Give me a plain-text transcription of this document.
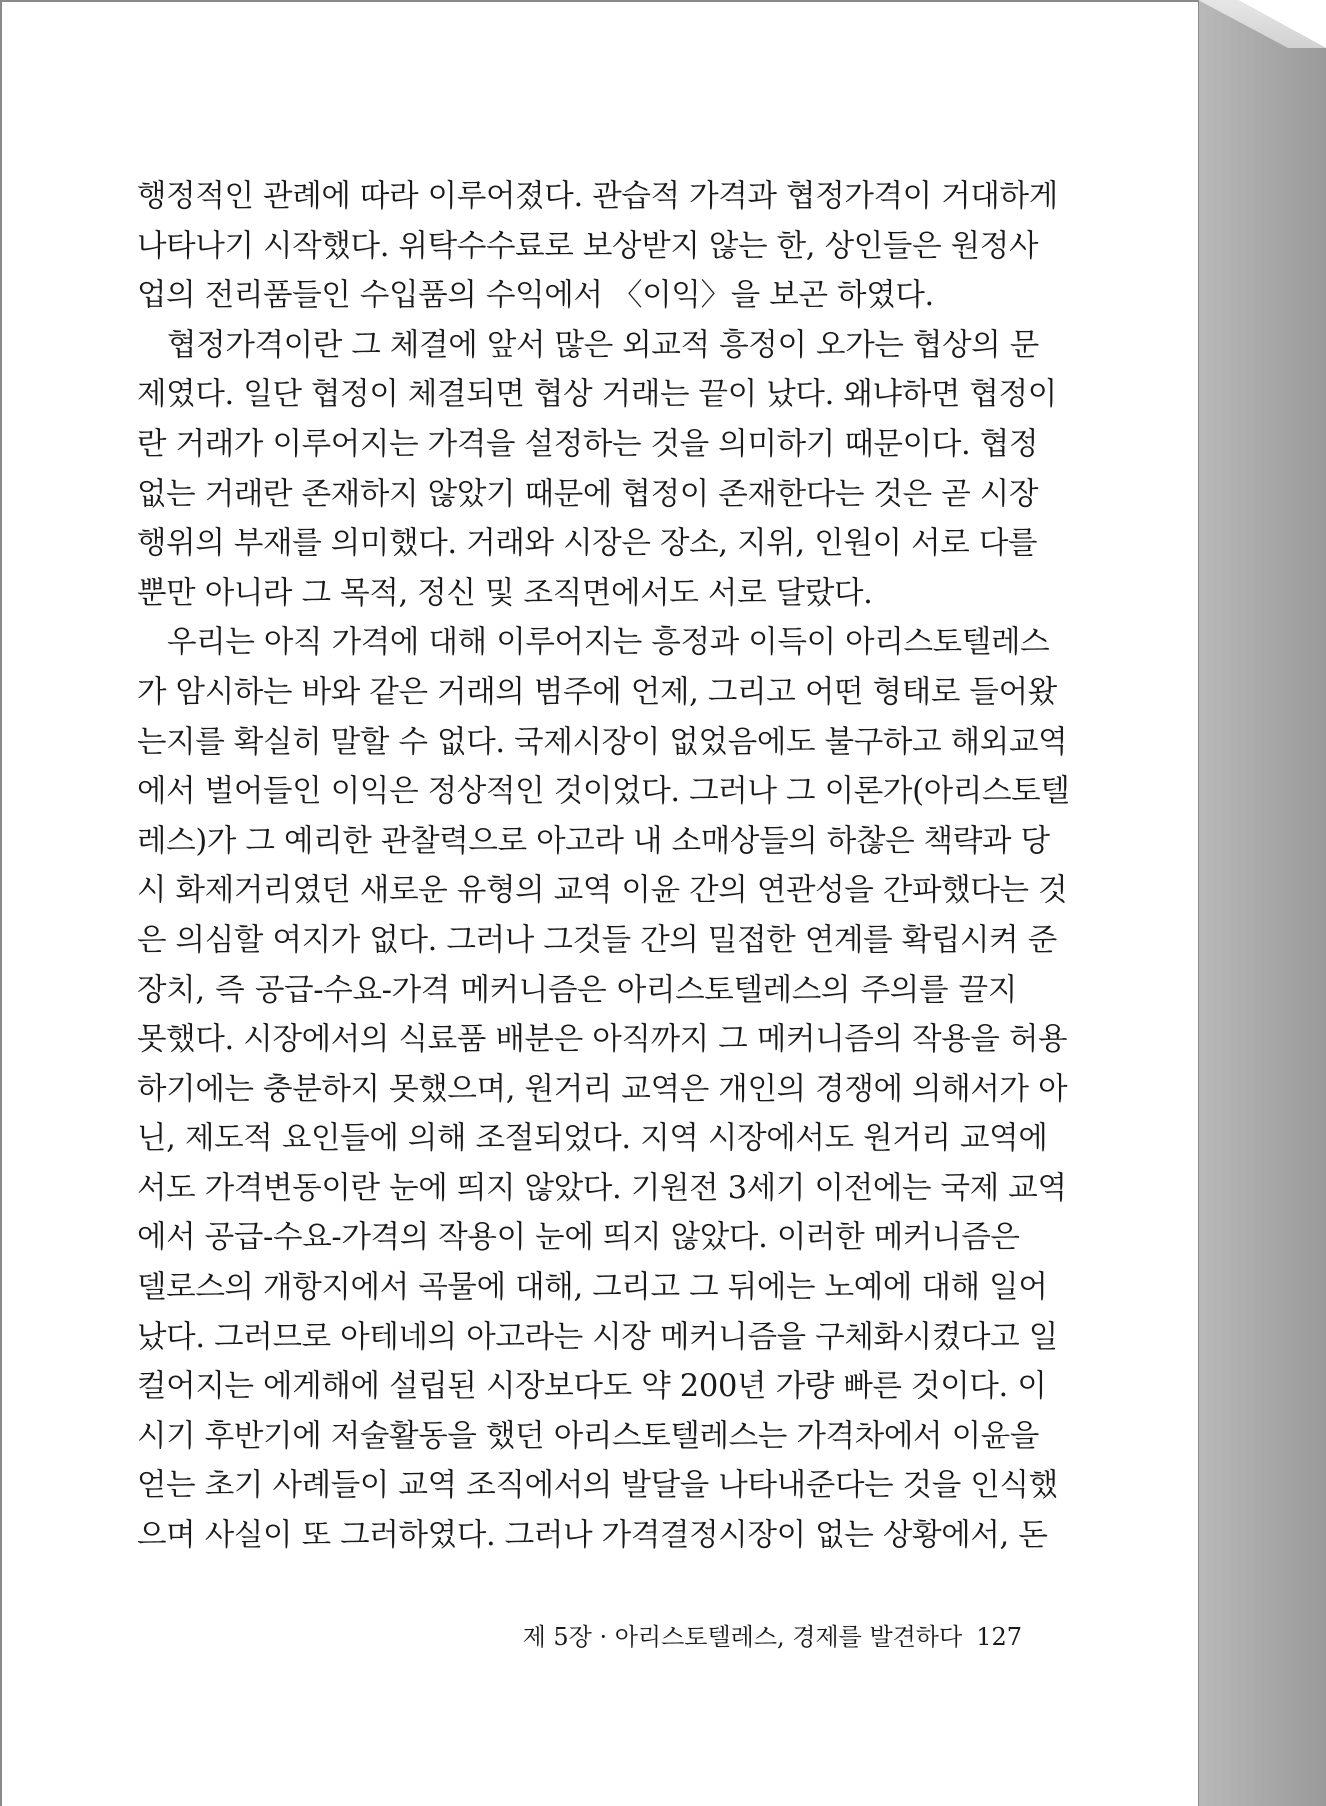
행정적인 관례에 따라 이루어졌다. 관습적 가격과 협정가격이 거대하게
나타나기 시작했다. 위탁수수료로 보상받지 않는 한, 상인들은 원정사
업의 전리품들인 수입품의 수익에서 〈이익〉을 보곤 하였다.
협정가격이란 그 체결에 앞서 많은 외교적 흥정이 오가는 협상의 문
제였다. 일단 협정이 체결되면 협상 거래는 끝이 났다. 왜냐하면 협정이
란 거래가 이루어지는 가격을 설정하는 것을 의미하기 때문이다. 협정
없는 거래란 존재하지 않았기 때문에 협정이 존재한다는 것은 곧 시장
행위의 부재를 의미했다. 거래와 시장은 장소, 지위, 인원이 서로 다를
뿐만 아니라 그 목적, 정신 및 조직면에서도 서로 달랐다.
우리는 아직 가격에 대해 이루어지는 흥정과 이득이 아리스토텔레스
가 암시하는 바와 같은 거래의 범주에 언제, 그리고 어떤 형태로 들어왔
는지를 확실히 말할 수 없다. 국제시장이 없었음에도 불구하고 해외교역
에서 벌어들인 이익은 정상적인 것이었다. 그러나 그 이론가(아리스토텔
레스)가 그 예리한 관찰력으로 아고라 내 소매상들의 하찮은 책략과 당
시 화제거리였던 새로운 유형의 교역 이윤 간의 연관성을 간파했다는 것
은 의심할 여지가 없다. 그러나 그것들 간의 밀접한 연계를 확립시켜 준
장치, 즉 공급-수요-가격 메커니즘은 아리스토텔레스의 주의를 끌지
못했다. 시장에서의 식료품 배분은 아직까지 그 메커니즘의 작용을 허용
하기에는 충분하지 못했으며, 원거리 교역은 개인의 경쟁에 의해서가 아
닌, 제도적 요인들에 의해 조절되었다. 지역 시장에서도 원거리 교역에
서도 가격변동이란 눈에 띄지 않았다. 기원전 3세기 이전에는 국제 교역
에서 공급-수요-가격의 작용이 눈에 띄지 않았다. 이러한 메커니즘은
델로스의 개항지에서 곡물에 대해, 그리고 그 뒤에는 노예에 대해 일어
났다. 그러므로 아테네의 아고라는 시장 메커니즘을 구체화시켰다고 일
컬어지는 에게해에 설립된 시장보다도 약 200년 가량 빠른 것이다. 이
시기 후반기에 저술활동을 했던 아리스토텔레스는 가격차에서 이윤을
얻는 초기 사례들이 교역 조직에서의 발달을 나타내준다는 것을 인식했
으며 사실이 또 그러하였다. 그러나 가격결정시장이 없는 상황에서, 돈
제 5장 · 아리스토텔레스, 경제를 발견하다 127
